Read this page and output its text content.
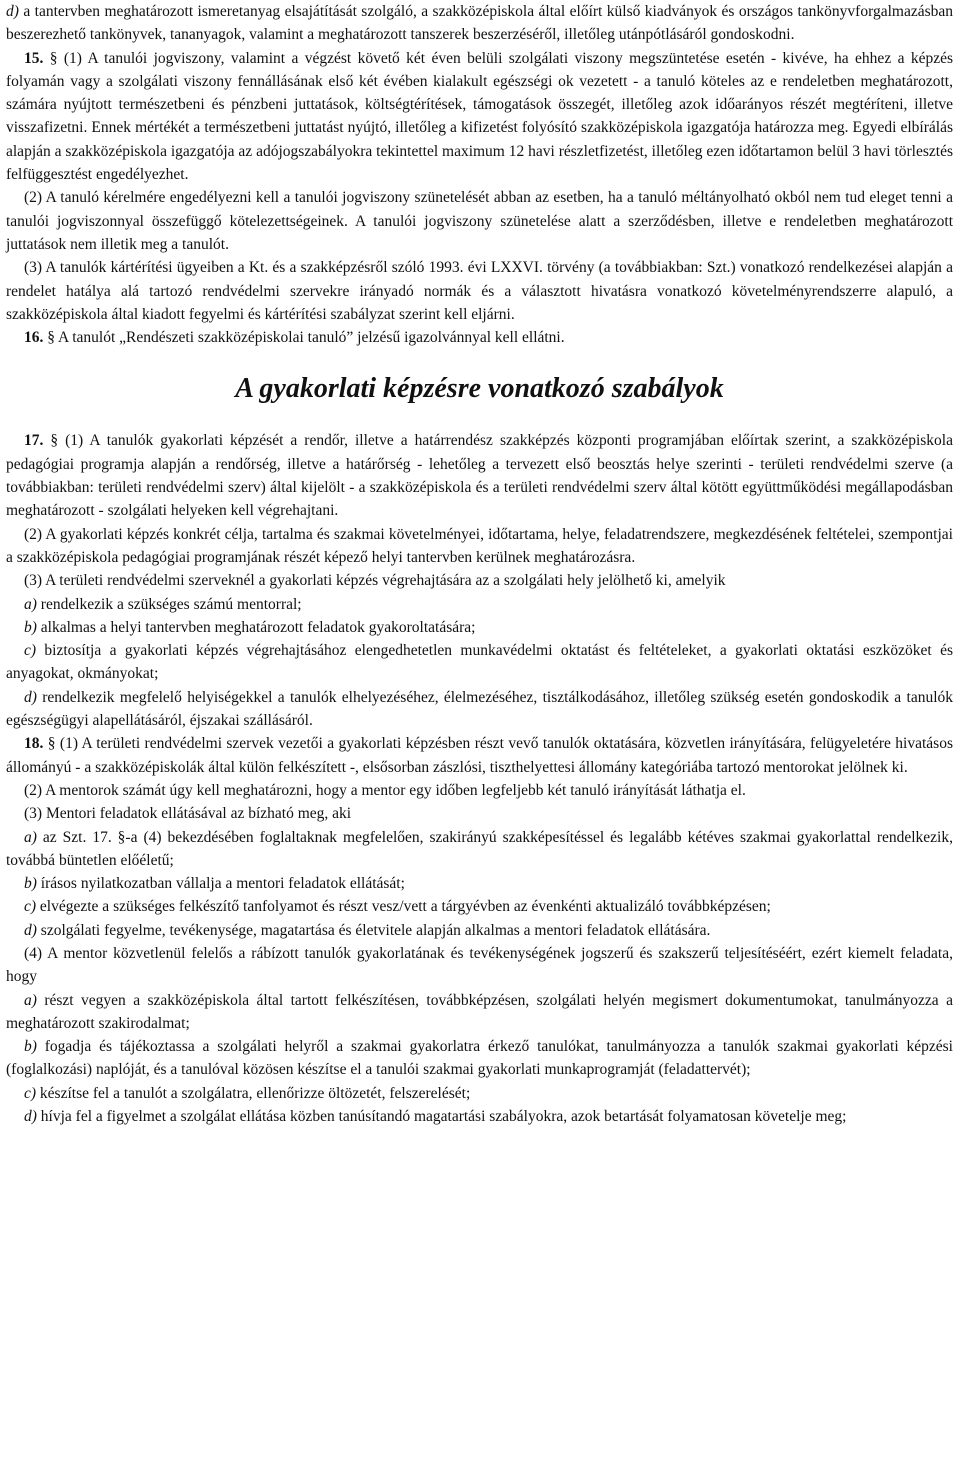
d) a tantervben meghatározott ismeretanyag elsajátítását szolgáló, a szakközépiskola által előírt külső kiadványok és országos tankönyvforgalmazásban beszerezhető tankönyvek, tananyagok, valamint a meghatározott tanszerek beszerzéséről, illetőleg utánpótlásáról gondoskodni.

15. § (1) A tanulói jogviszony, valamint a végzést követő két éven belüli szolgálati viszony megszüntetése esetén - kivéve, ha ehhez a képzés folyamán vagy a szolgálati viszony fennállásának első két évében kialakult egészségi ok vezetett - a tanuló köteles az e rendeletben meghatározott, számára nyújtott természetbeni és pénzbeni juttatások, költségtérítések, támogatások összegét, illetőleg azok időarányos részét megtéríteni, illetve visszafizetni. Ennek mértékét a természetbeni juttatást nyújtó, illetőleg a kifizetést folyósító szakközépiskola igazgatója határozza meg. Egyedi elbírálás alapján a szakközépiskola igazgatója az adójogszabályokra tekintettel maximum 12 havi részletfizetést, illetőleg ezen időtartamon belül 3 havi törlesztés felfüggesztést engedélyezhet.

(2) A tanuló kérelmére engedélyezni kell a tanulói jogviszony szünetelését abban az esetben, ha a tanuló méltányolható okból nem tud eleget tenni a tanulói jogviszonnyal összefüggő kötelezettségeinek. A tanulói jogviszony szünetelése alatt a szerződésben, illetve e rendeletben meghatározott juttatások nem illetik meg a tanulót.

(3) A tanulók kártérítési ügyeiben a Kt. és a szakképzésről szóló 1993. évi LXXVI. törvény (a továbbiakban: Szt.) vonatkozó rendelkezései alapján a rendelet hatálya alá tartozó rendvédelmi szervekre irányadó normák és a választott hivatásra vonatkozó követelményrendszerre alapuló, a szakközépiskola által kiadott fegyelmi és kártérítési szabályzat szerint kell eljárni.

16. § A tanulót „Rendészeti szakközépiskolai tanuló” jelzésű igazolvánnyal kell ellátni.

A gyakorlati képzésre vonatkozó szabályok

17. § (1) A tanulók gyakorlati képzését a rendőr, illetve a határrendész szakképzés központi programjában előírtak szerint, a szakközépiskola pedagógiai programja alapján a rendőrség, illetve a határőrség - lehetőleg a tervezett első beosztás helye szerinti - területi rendvédelmi szerve (a továbbiakban: területi rendvédelmi szerv) által kijelölt - a szakközépiskola és a területi rendvédelmi szerv által kötött együttműködési megállapodásban meghatározott - szolgálati helyeken kell végrehajtani.

(2) A gyakorlati képzés konkrét célja, tartalma és szakmai követelményei, időtartama, helye, feladatrendszere, megkezdésének feltételei, szempontjai a szakközépiskola pedagógiai programjának részét képező helyi tantervben kerülnek meghatározásra.

(3) A területi rendvédelmi szerveknél a gyakorlati képzés végrehajtására az a szolgálati hely jelölhető ki, amelyik

a) rendelkezik a szükséges számú mentorral;

b) alkalmas a helyi tantervben meghatározott feladatok gyakoroltatására;

c) biztosítja a gyakorlati képzés végrehajtásához elengedhetetlen munkavédelmi oktatást és feltételeket, a gyakorlati oktatási eszközöket és anyagokat, okmányokat;

d) rendelkezik megfelelő helyiségekkel a tanulók elhelyezéséhez, élelmezéséhez, tisztálkodásához, illetőleg szükség esetén gondoskodik a tanulók egészségügyi alapellátásáról, éjszakai szállásáról.

18. § (1) A területi rendvédelmi szervek vezetői a gyakorlati képzésben részt vevő tanulók oktatására, közvetlen irányítására, felügyeletére hivatásos állományú - a szakközépiskolák által külön felkészített -, elsősorban zászlósi, tiszthelyettesi állomány kategóriába tartozó mentorokat jelölnek ki.

(2) A mentorok számát úgy kell meghatározni, hogy a mentor egy időben legfeljebb két tanuló irányítását láthatja el.

(3) Mentori feladatok ellátásával az bízható meg, aki

a) az Szt. 17. §-a (4) bekezdésében foglaltaknak megfelelően, szakirányú szakképesítéssel és legalább kétéves szakmai gyakorlattal rendelkezik, továbbá büntetlen előéletű;

b) írásos nyilatkozatban vállalja a mentori feladatok ellátását;

c) elvégezte a szükséges felkészítő tanfolyamot és részt vesz/vett a tárgyévben az évenkénti aktualizáló továbbképzésen;

d) szolgálati fegyelme, tevékenysége, magatartása és életvitele alapján alkalmas a mentori feladatok ellátására.

(4) A mentor közvetlenül felelős a rábízott tanulók gyakorlatának és tevékenységének jogszerű és szakszerű teljesítéséért, ezért kiemelt feladata, hogy

a) részt vegyen a szakközépiskola által tartott felkészítésen, továbbképzésen, szolgálati helyén megismert dokumentumokat, tanulmányozza a meghatározott szakirodalmat;

b) fogadja és tájékoztassa a szolgálati helyről a szakmai gyakorlatra érkező tanulókat, tanulmányozza a tanulók szakmai gyakorlati képzési (foglalkozási) naplóját, és a tanulóval közösen készítse el a tanulói szakmai gyakorlati munkaprogramját (feladattervét);

c) készítse fel a tanulót a szolgálatra, ellenőrizze öltözetét, felszerelését;

d) hívja fel a figyelmet a szolgálat ellátása közben tanúsítandó magatartási szabályokra, azok betartását folyamatosan követelje meg;
